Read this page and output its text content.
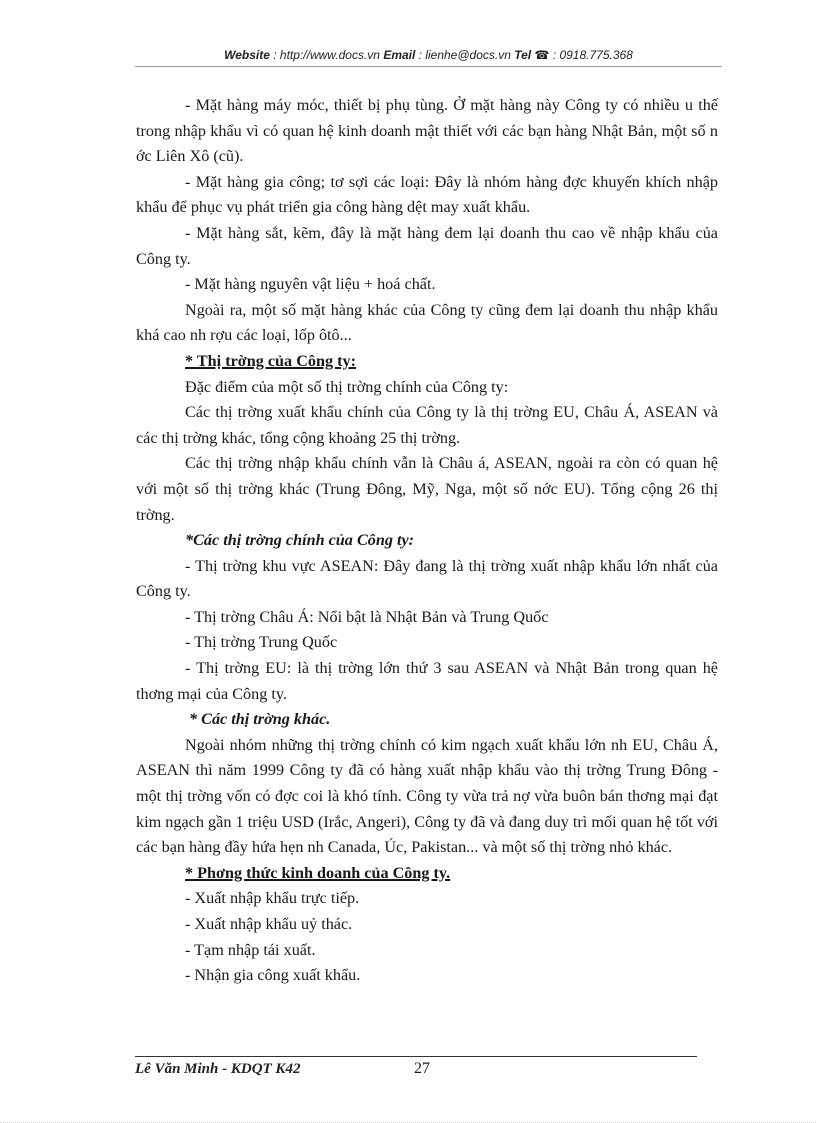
Website : http://www.docs.vn Email : lienhe@docs.vn Tel ☎ : 0918.775.368

- Mặt hàng máy móc, thiết bị phụ tùng. Ở mặt hàng này Công ty có nhiều u thế trong nhập khẩu vì có quan hệ kinh doanh mật thiết với các bạn hàng Nhật Bản, một số n ớc Liên Xô (cũ).

- Mặt hàng gia công; tơ sợi các loại: Đây là nhóm hàng đợc khuyến khích nhập khẩu để phục vụ phát triển gia công hàng dệt may xuất khẩu.

- Mặt hàng sắt, kẽm, đây là mặt hàng đem lại doanh thu cao về nhập khẩu của Công ty.

- Mặt hàng nguyên vật liệu + hoá chất.

Ngoài ra, một số mặt hàng khác của Công ty cũng đem lại doanh thu nhập khẩu khá cao nh rợu các loại, lốp ôtô...

* Thị trờng của Công ty:

Đặc điểm của một số thị trờng chính của Công ty:

Các thị trờng xuất khẩu chính của Công ty là thị trờng EU, Châu Á, ASEAN và các thị trờng khác, tổng cộng khoảng 25 thị trờng.

Các thị trờng nhập khẩu chính vẫn là Châu á, ASEAN, ngoài ra còn có quan hệ với một số thị trờng khác (Trung Đông, Mỹ, Nga, một số nớc EU). Tổng cộng 26 thị trờng.

*Các thị trờng chính của Công ty:

- Thị trờng khu vực ASEAN: Đây đang là thị trờng xuất nhập khẩu lớn nhất của Công ty.

- Thị trờng Châu Á: Nổi bật là Nhật Bản và Trung Quốc

- Thị trờng Trung Quốc

- Thị trờng EU: là thị trờng lớn thứ 3 sau ASEAN và Nhật Bản trong quan hệ thơng mại của Công ty.

* Các thị trờng khác.

Ngoài nhóm những thị trờng chính có kim ngạch xuất khẩu lớn nh EU, Châu Á, ASEAN thì năm 1999 Công ty đã có hàng xuất nhập khẩu vào thị trờng Trung Đông - một thị trờng vốn có đợc coi là khó tính. Công ty vừa trả nợ vừa buôn bán thơng mại đạt kim ngạch gần 1 triệu USD (Irắc, Angeri), Công ty đã và đang duy trì mối quan hệ tốt với các bạn hàng đầy hứa hẹn nh Canada, Úc, Pakistan... và một số thị trờng nhỏ khác.

* Phơng thức kinh doanh của Công ty.

- Xuất nhập khẩu trực tiếp.

- Xuất nhập khẩu uỷ thác.

- Tạm nhập tái xuất.

- Nhận gia công xuất khẩu.

Lê Văn Minh - KDQT K42	27
